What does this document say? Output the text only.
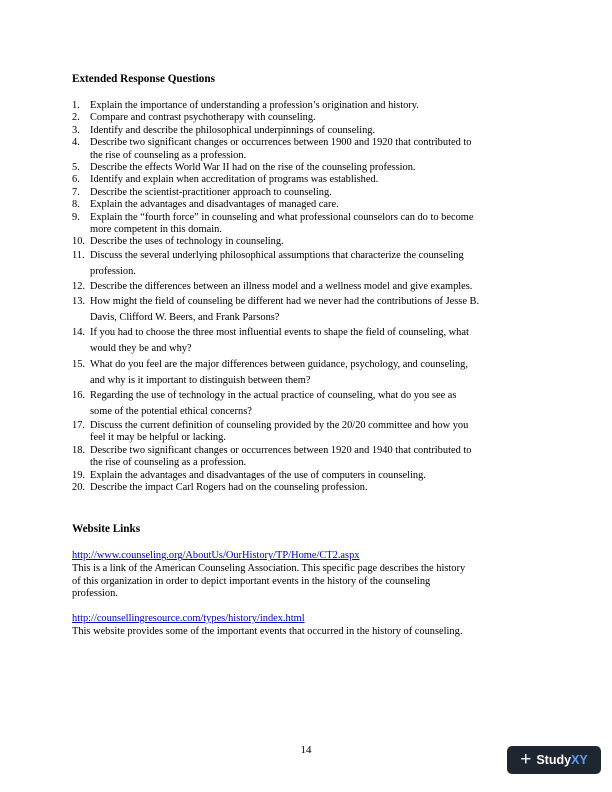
Extended Response Questions

1. Explain the importance of understanding a profession’s origination and history.
2. Compare and contrast psychotherapy with counseling.
3. Identify and describe the philosophical underpinnings of counseling.
4. Describe two significant changes or occurrences between 1900 and 1920 that contributed to
the rise of counseling as a profession.
5. Describe the effects World War II had on the rise of the counseling profession.
6. Identify and explain when accreditation of programs was established.
7. Describe the scientist-practitioner approach to counseling.
8. Explain the advantages and disadvantages of managed care.
9. Explain the “fourth force” in counseling and what professional counselors can do to become
more competent in this domain.
10. Describe the uses of technology in counseling.
11. Discuss the several underlying philosophical assumptions that characterize the counseling
profession.
12. Describe the differences between an illness model and a wellness model and give examples.
13. How might the field of counseling be different had we never had the contributions of Jesse B.
Davis, Clifford W. Beers, and Frank Parsons?
14. If you had to choose the three most influential events to shape the field of counseling, what
would they be and why?
15. What do you feel are the major differences between guidance, psychology, and counseling,
and why is it important to distinguish between them?
16. Regarding the use of technology in the actual practice of counseling, what do you see as
some of the potential ethical concerns?
17. Discuss the current definition of counseling provided by the 20/20 committee and how you
feel it may be helpful or lacking.
18. Describe two significant changes or occurrences between 1920 and 1940 that contributed to
the rise of counseling as a profession.
19. Explain the advantages and disadvantages of the use of computers in counseling.
20. Describe the impact Carl Rogers had on the counseling profession.

Website Links

http://www.counseling.org/AboutUs/OurHistory/TP/Home/CT2.aspx
This is a link of the American Counseling Association. This specific page describes the history
of this organization in order to depict important events in the history of the counseling
profession.
http://counsellingresource.com/types/history/index.html
This website provides some of the important events that occurred in the history of counseling.
14	+ Study XY
